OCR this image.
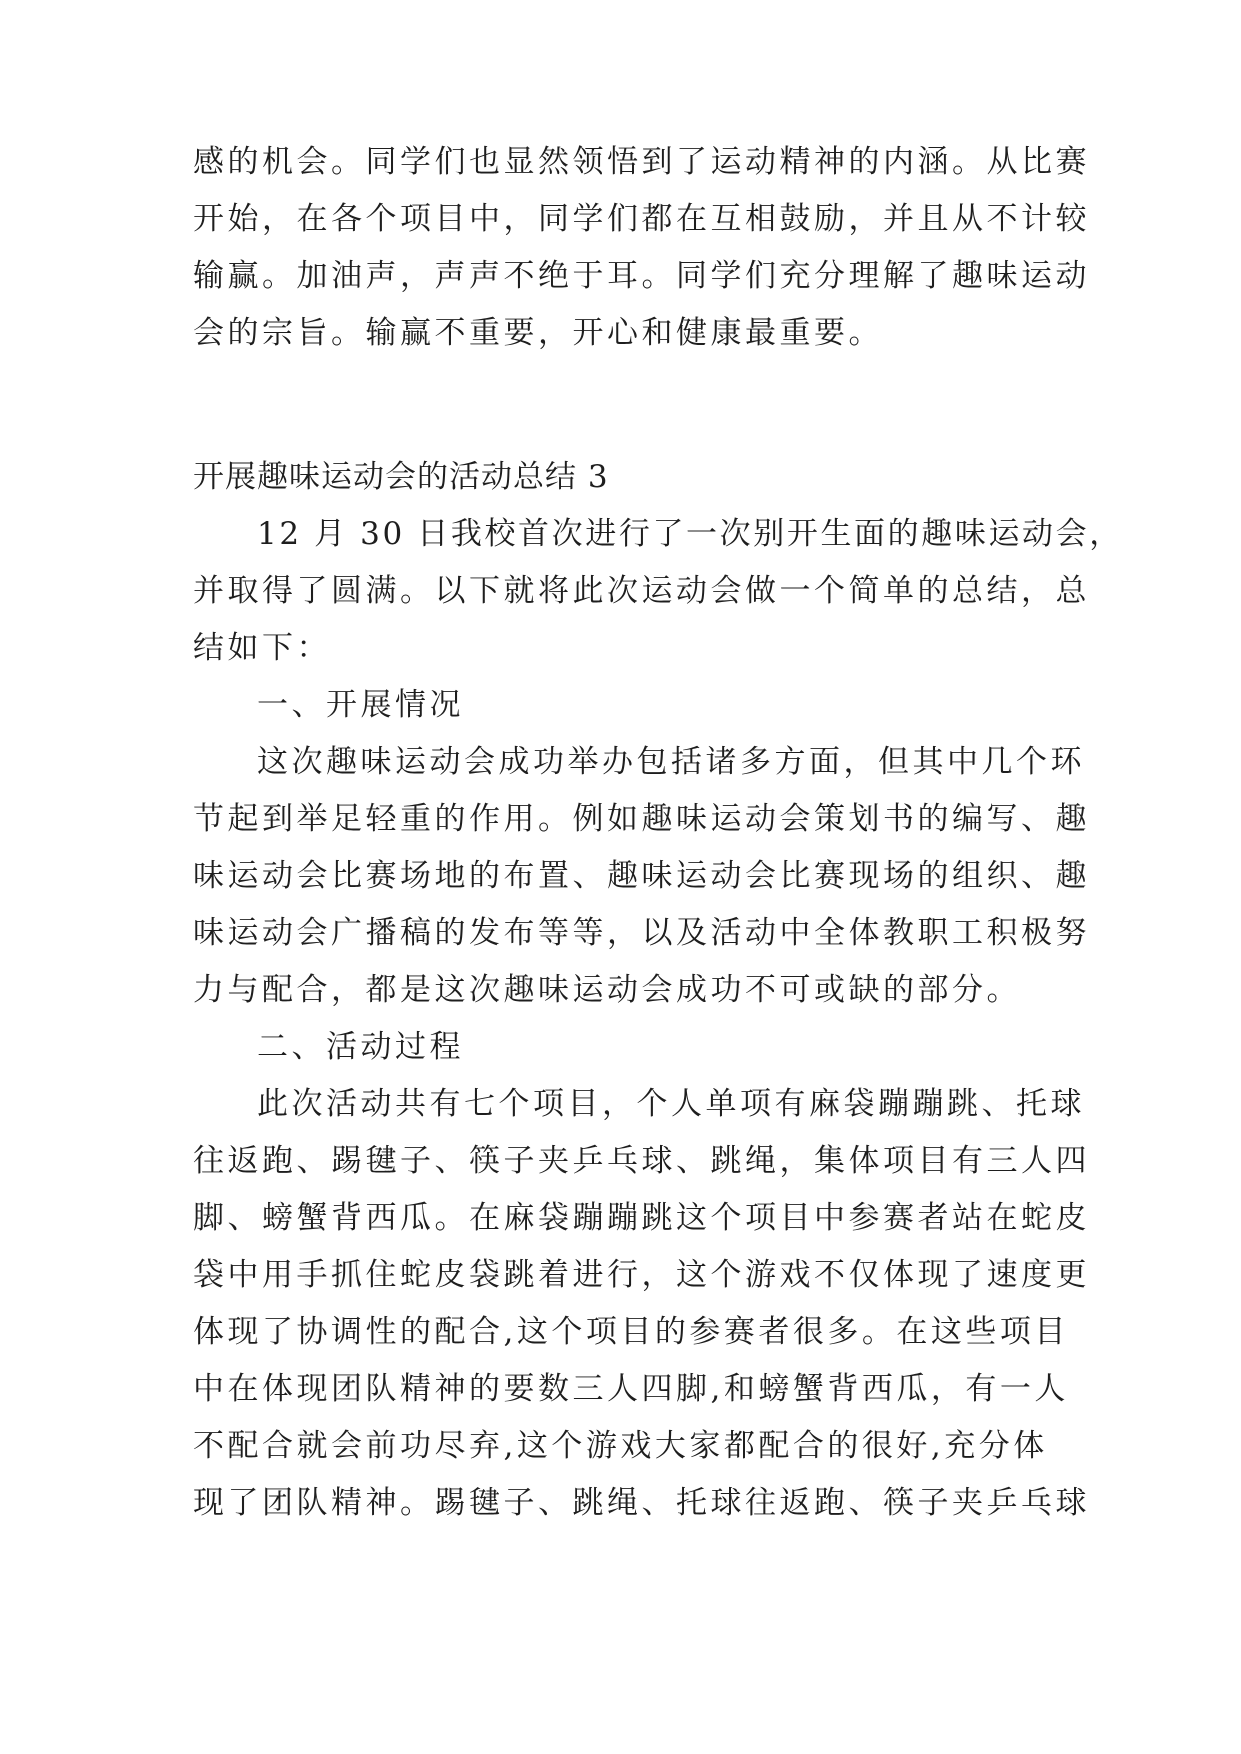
感的机会。同学们也显然领悟到了运动精神的内涵。从比赛
开始，在各个项目中，同学们都在互相鼓励，并且从不计较
输赢。加油声，声声不绝于耳。同学们充分理解了趣味运动
会的宗旨。输赢不重要，开心和健康最重要。
开展趣味运动会的活动总结 3
12 月 30 日我校首次进行了一次别开生面的趣味运动会，
并取得了圆满。以下就将此次运动会做一个简单的总结，总
结如下：
一、开展情况
这次趣味运动会成功举办包括诸多方面，但其中几个环
节起到举足轻重的作用。例如趣味运动会策划书的编写、趣
味运动会比赛场地的布置、趣味运动会比赛现场的组织、趣
味运动会广播稿的发布等等，以及活动中全体教职工积极努
力与配合，都是这次趣味运动会成功不可或缺的部分。
二、活动过程
此次活动共有七个项目，个人单项有麻袋蹦蹦跳、托球
往返跑、踢毽子、筷子夹乒乓球、跳绳，集体项目有三人四
脚、螃蟹背西瓜。在麻袋蹦蹦跳这个项目中参赛者站在蛇皮
袋中用手抓住蛇皮袋跳着进行，这个游戏不仅体现了速度更
体现了协调性的配合,这个项目的参赛者很多。在这些项目
中在体现团队精神的要数三人四脚,和螃蟹背西瓜，有一人
不配合就会前功尽弃,这个游戏大家都配合的很好,充分体
现了团队精神。踢毽子、跳绳、托球往返跑、筷子夹乒乓球
